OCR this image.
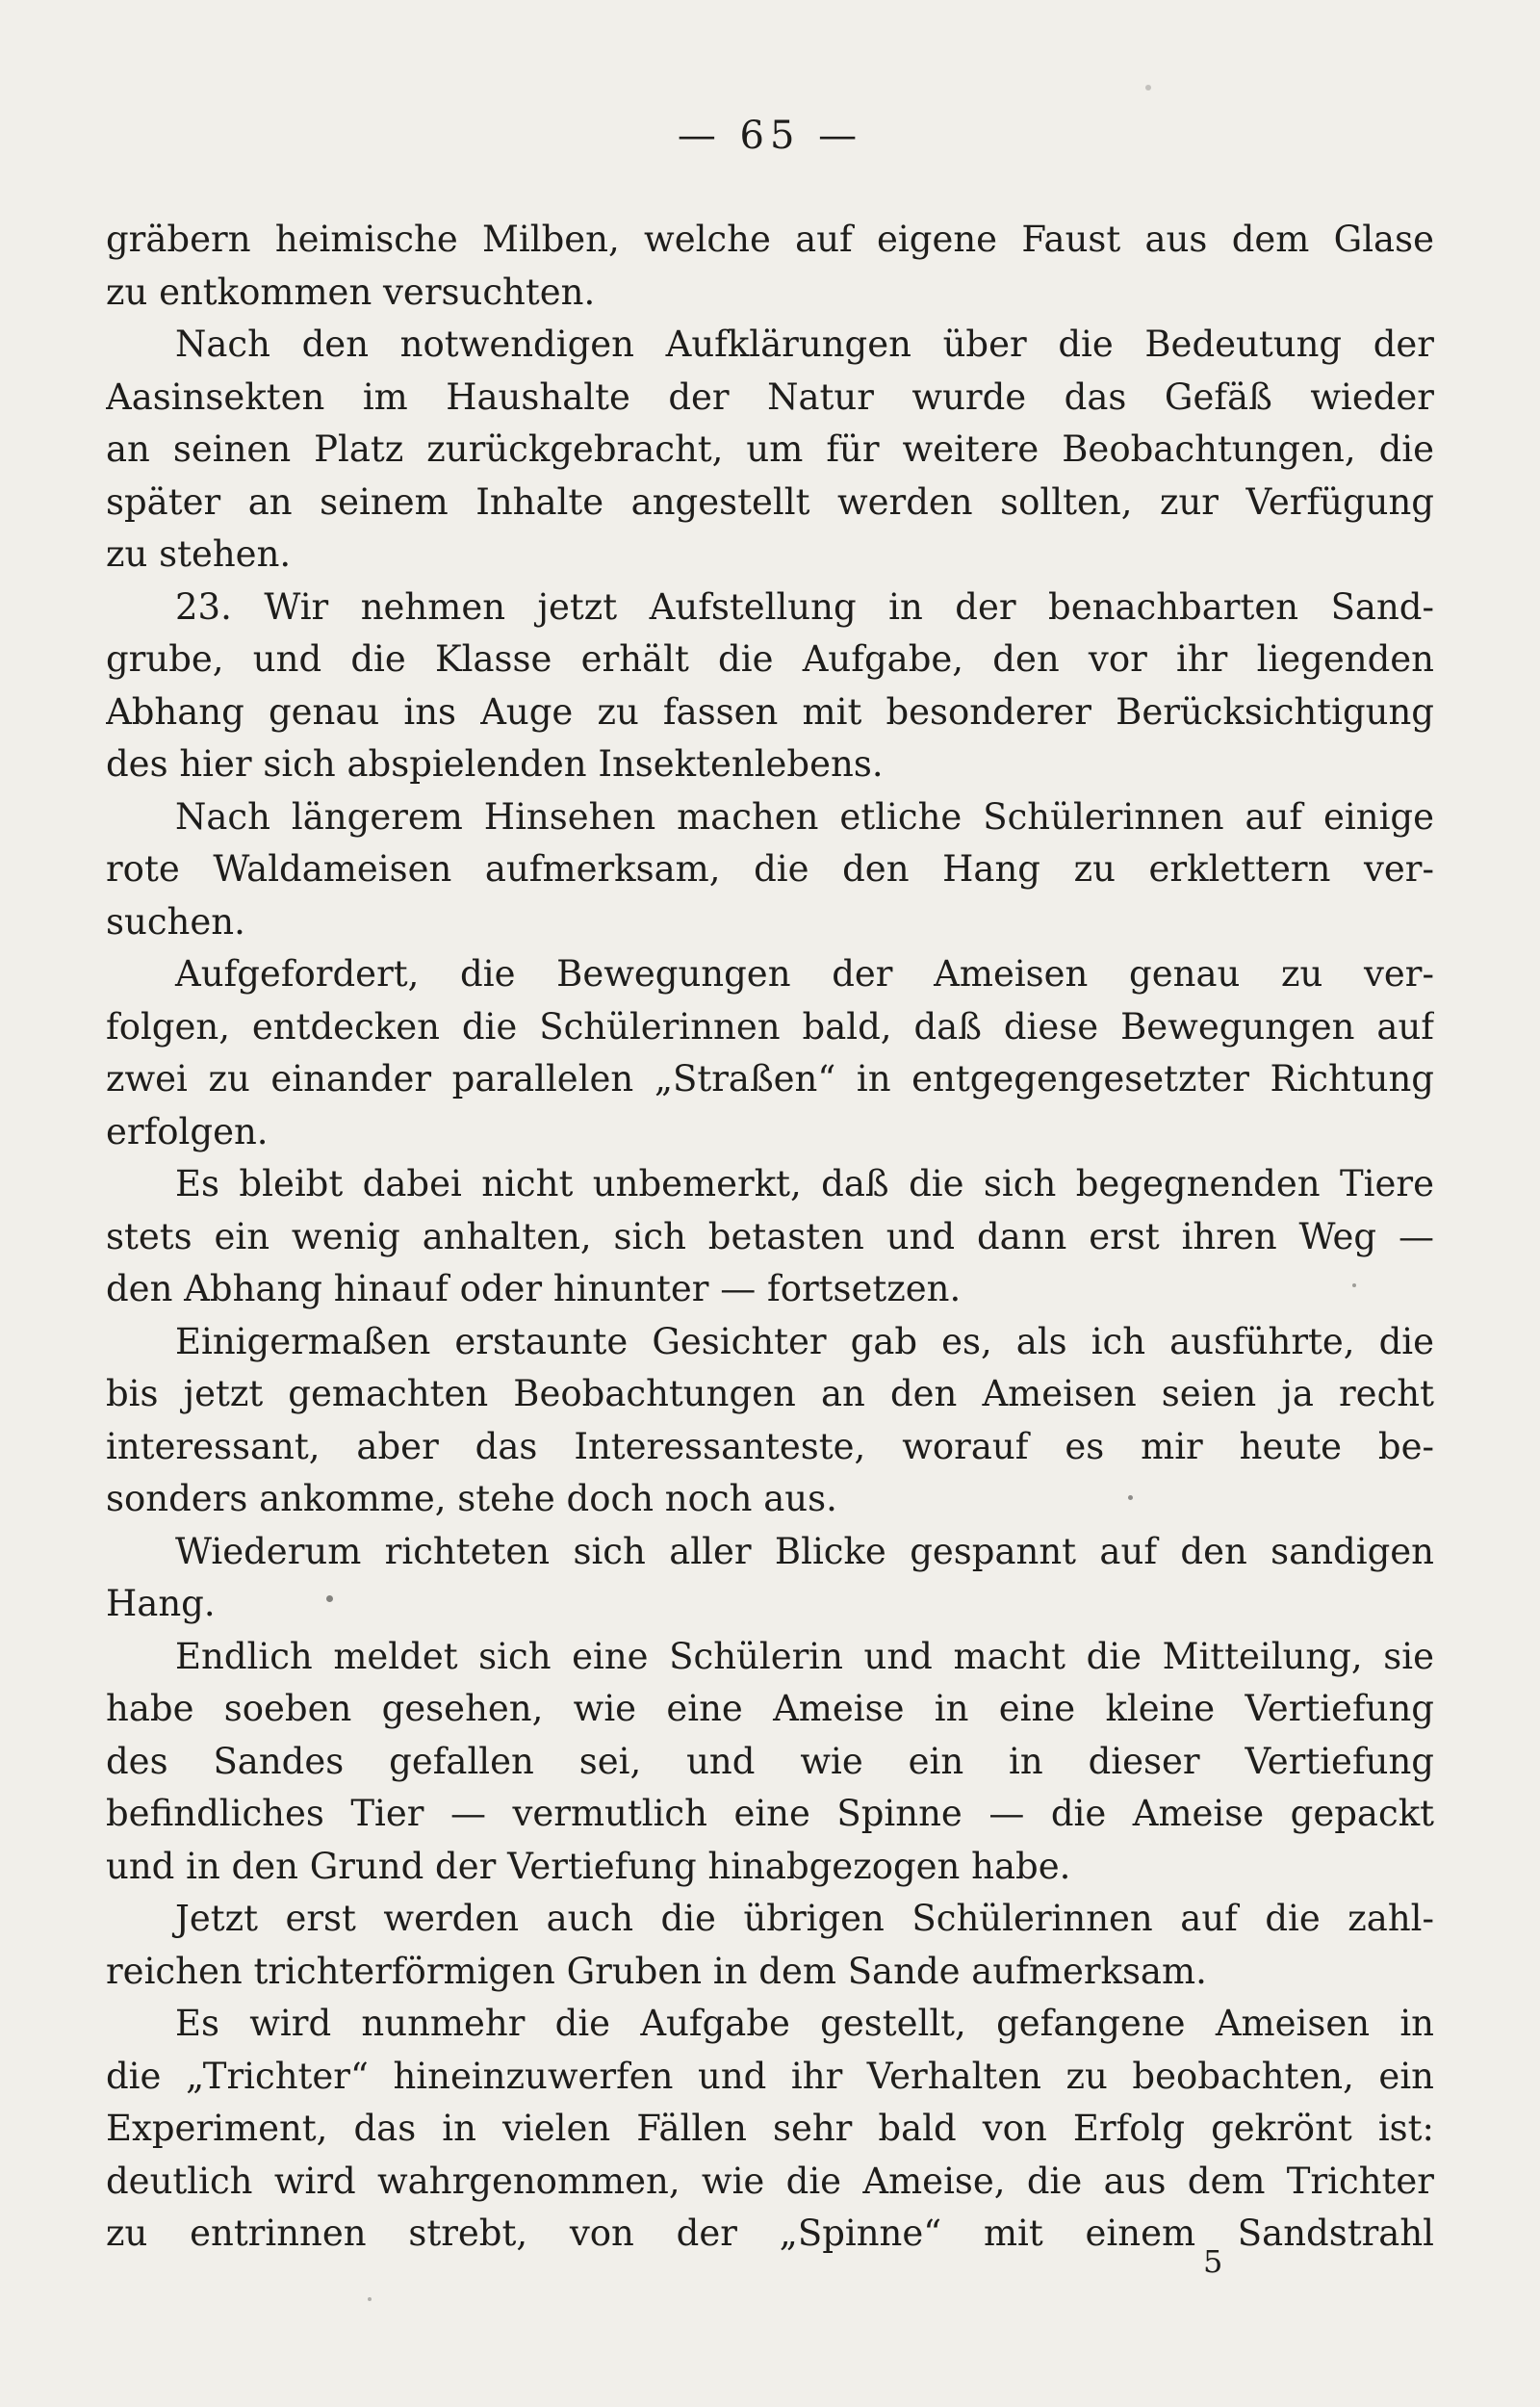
— 65 —
gräbern heimische Milben, welche auf eigene Faust aus dem Glase
zu entkommen versuchten.
Nach den notwendigen Aufklärungen über die Bedeutung der
Aasinsekten im Haushalte der Natur wurde das Gefäß wieder
an seinen Platz zurückgebracht, um für weitere Beobachtungen, die
später an seinem Inhalte angestellt werden sollten, zur Verfügung
zu stehen.
23. Wir nehmen jetzt Aufstellung in der benachbarten Sand-
grube, und die Klasse erhält die Aufgabe, den vor ihr liegenden
Abhang genau ins Auge zu fassen mit besonderer Berücksichtigung
des hier sich abspielenden Insektenlebens.
Nach längerem Hinsehen machen etliche Schülerinnen auf einige
rote Waldameisen aufmerksam, die den Hang zu erklettern ver-
suchen.
Aufgefordert, die Bewegungen der Ameisen genau zu ver-
folgen, entdecken die Schülerinnen bald, daß diese Bewegungen auf
zwei zu einander parallelen „Straßen“ in entgegengesetzter Richtung
erfolgen.
Es bleibt dabei nicht unbemerkt, daß die sich begegnenden Tiere
stets ein wenig anhalten, sich betasten und dann erst ihren Weg —
den Abhang hinauf oder hinunter — fortsetzen.
Einigermaßen erstaunte Gesichter gab es, als ich ausführte, die
bis jetzt gemachten Beobachtungen an den Ameisen seien ja recht
interessant, aber das Interessanteste, worauf es mir heute be-
sonders ankomme, stehe doch noch aus.
Wiederum richteten sich aller Blicke gespannt auf den sandigen
Hang.
Endlich meldet sich eine Schülerin und macht die Mitteilung, sie
habe soeben gesehen, wie eine Ameise in eine kleine Vertiefung
des Sandes gefallen sei, und wie ein in dieser Vertiefung
befindliches Tier — vermutlich eine Spinne — die Ameise gepackt
und in den Grund der Vertiefung hinabgezogen habe.
Jetzt erst werden auch die übrigen Schülerinnen auf die zahl-
reichen trichterförmigen Gruben in dem Sande aufmerksam.
Es wird nunmehr die Aufgabe gestellt, gefangene Ameisen in
die „Trichter“ hineinzuwerfen und ihr Verhalten zu beobachten, ein
Experiment, das in vielen Fällen sehr bald von Erfolg gekrönt ist:
deutlich wird wahrgenommen, wie die Ameise, die aus dem Trichter
zu entrinnen strebt, von der „Spinne“ mit einem Sandstrahl
5
